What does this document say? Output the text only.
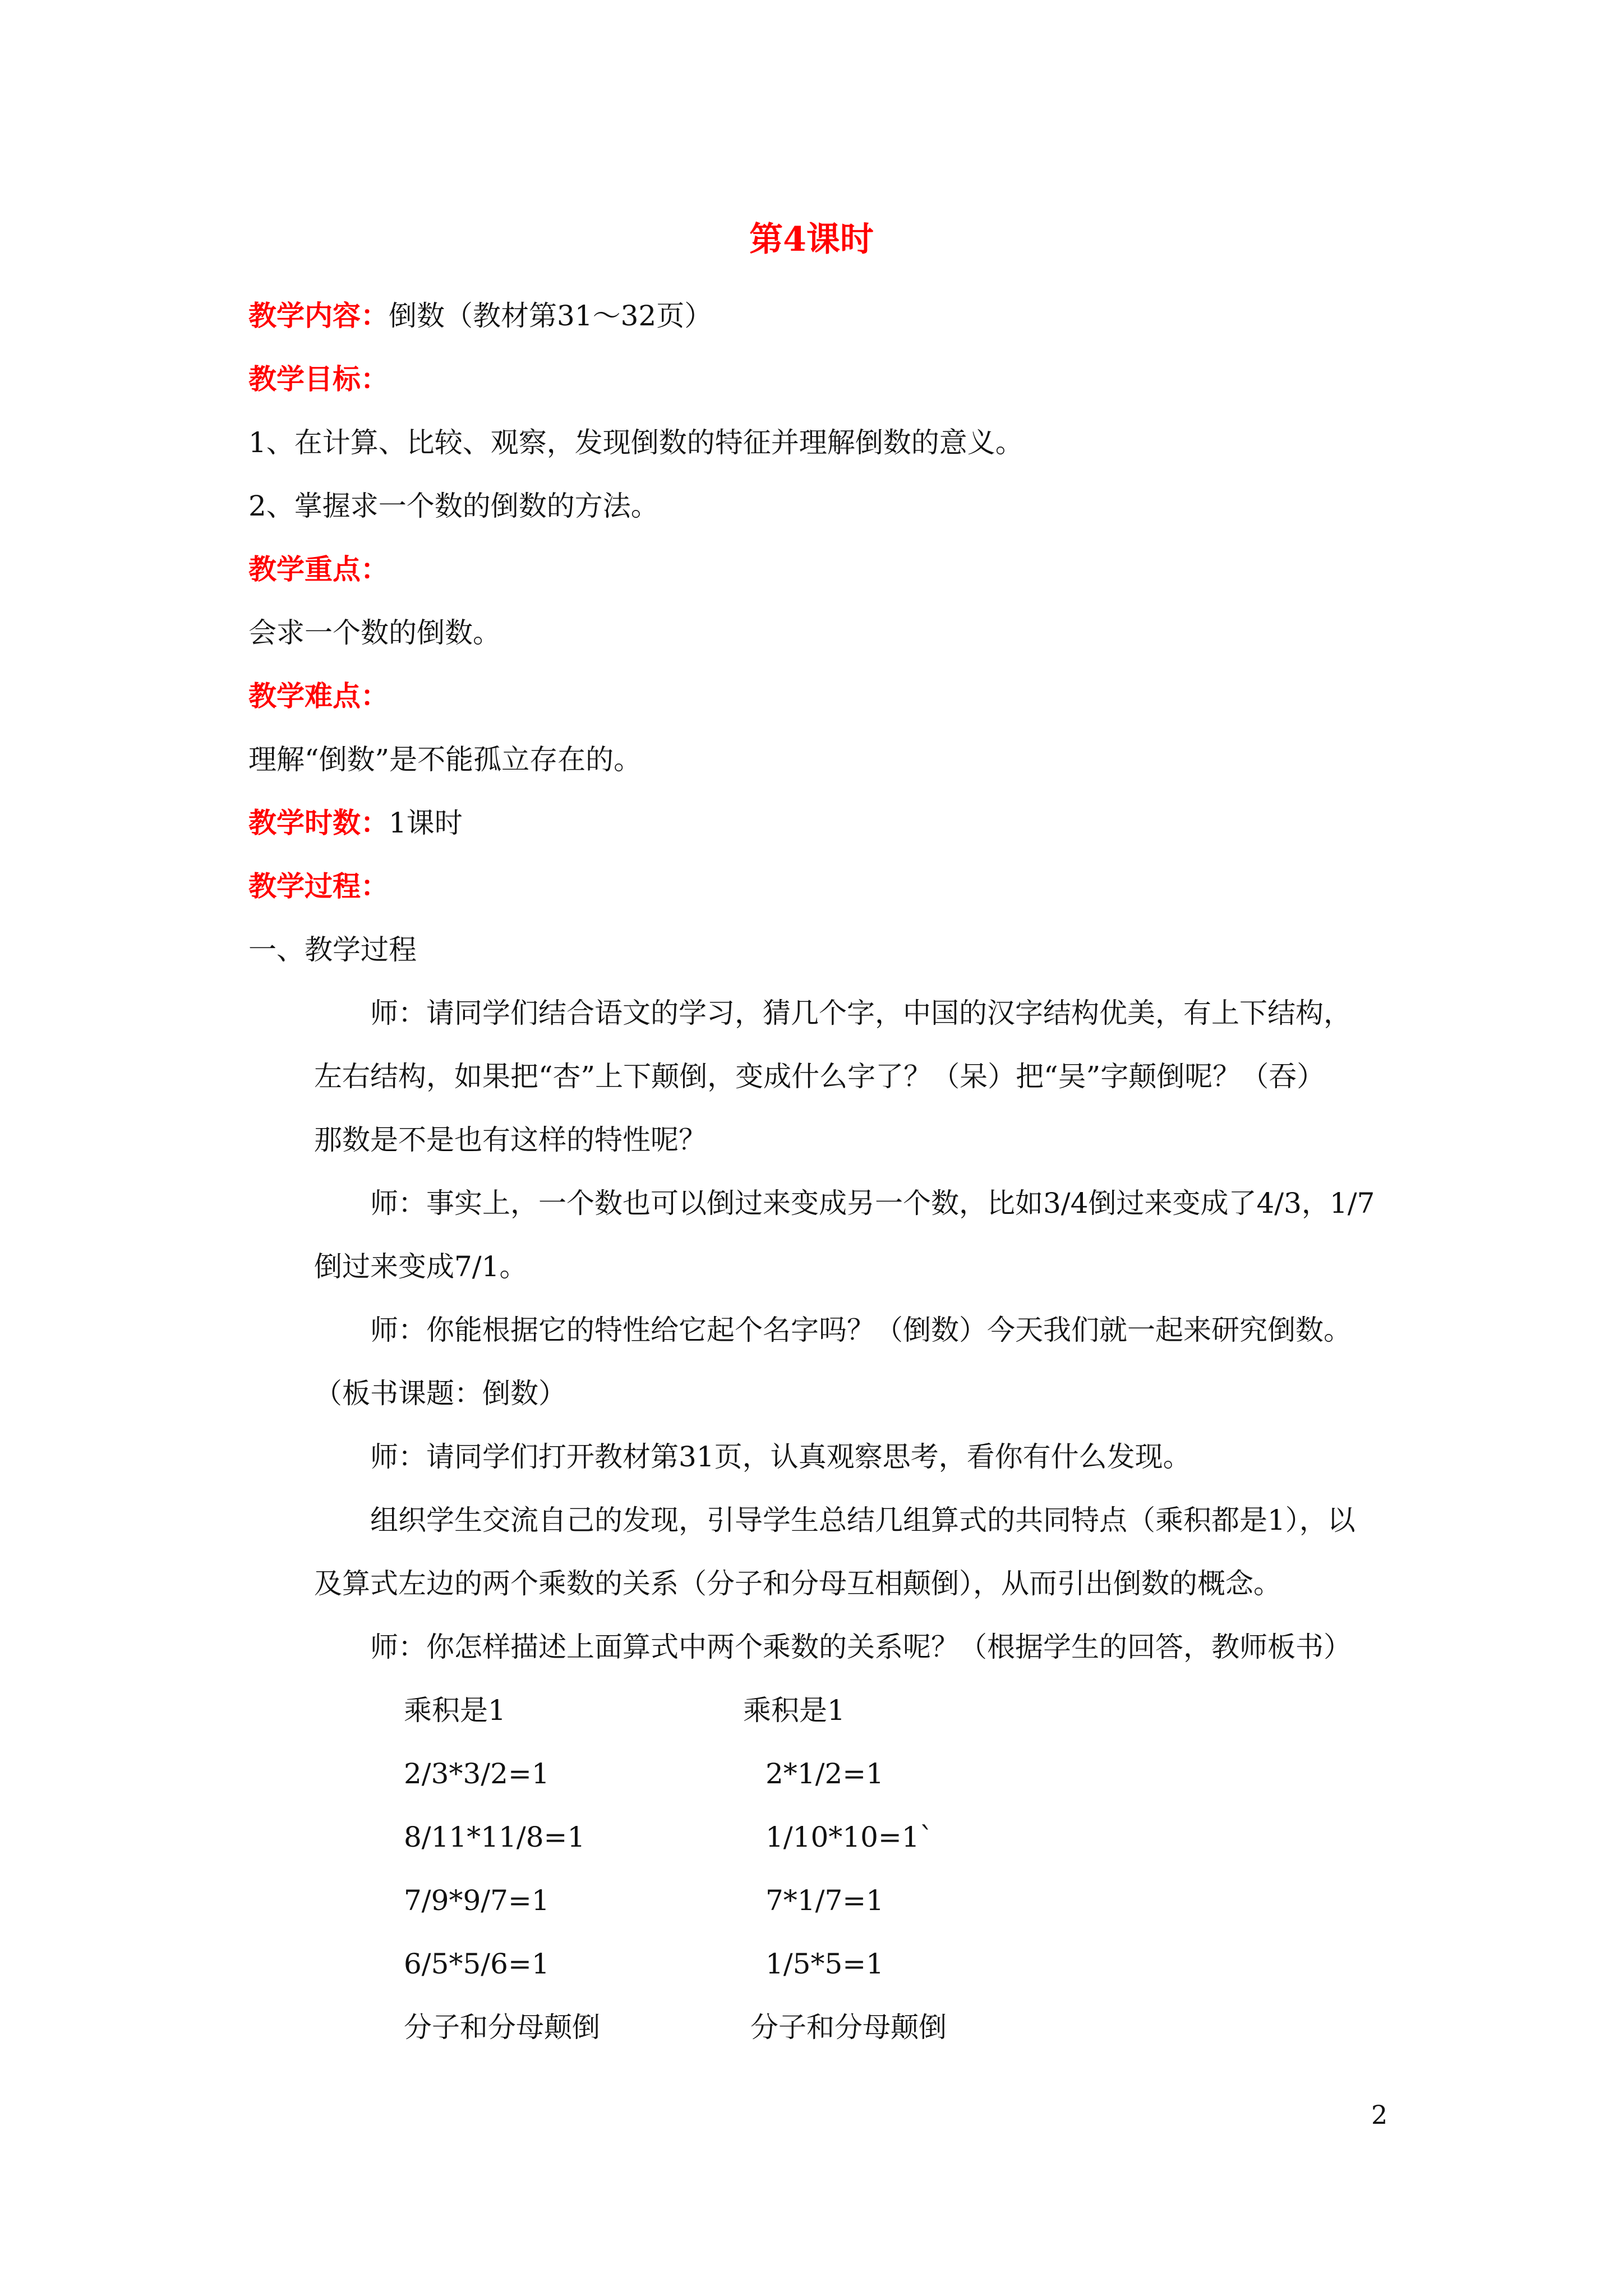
第4课时
教学内容：倒数（教材第31～32页）
教学目标：
1、在计算、比较、观察，发现倒数的特征并理解倒数的意义。
2、掌握求一个数的倒数的方法。
教学重点：
会求一个数的倒数。
教学难点：
理解“倒数”是不能孤立存在的。
教学时数：1课时
教学过程：
一、教学过程
　　师：请同学们结合语文的学习，猜几个字，中国的汉字结构优美，有上下结构，
左右结构，如果把“杏”上下颠倒，变成什么字了？（呆）把“吴”字颠倒呢？（吞）
那数是不是也有这样的特性呢？
　　师：事实上，一个数也可以倒过来变成另一个数，比如3/4倒过来变成了4/3，1/7
倒过来变成7/1。
　　师：你能根据它的特性给它起个名字吗？（倒数）今天我们就一起来研究倒数。
（板书课题：倒数）
　　师：请同学们打开教材第31页，认真观察思考，看你有什么发现。
　　组织学生交流自己的发现，引导学生总结几组算式的共同特点（乘积都是1），以
及算式左边的两个乘数的关系（分子和分母互相颠倒），从而引出倒数的概念。
　　师：你怎样描述上面算式中两个乘数的关系呢？（根据学生的回答，教师板书）
乘积是1	乘积是1
2/3*3/2=1	2*1/2=1
8/11*11/8=1	1/10*10=1`
7/9*9/7=1	7*1/7=1
6/5*5/6=1	1/5*5=1
分子和分母颠倒	分子和分母颠倒
2
